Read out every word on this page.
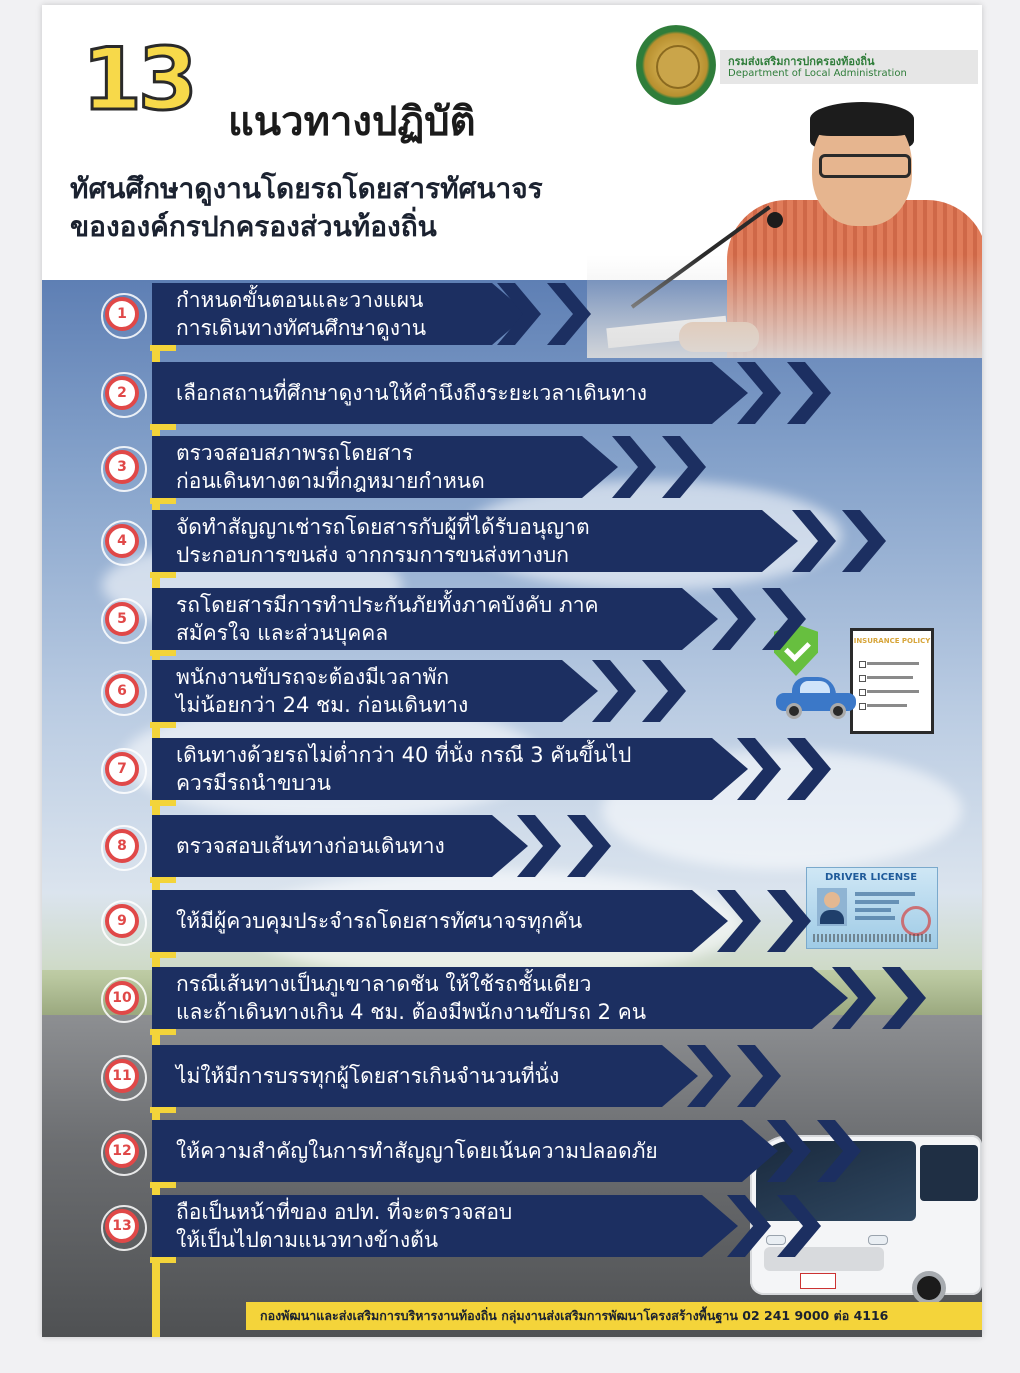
13 แนวทางปฏิบัติ
ทัศนศึกษาดูงานโดยรถโดยสารทัศนาจร
ขององค์กรปกครองส่วนท้องถิ่น
กรมส่งเสริมการปกครองท้องถิ่น
Department of Local Administration
INSURANCE POLICY
DRIVER LICENSE
กองพัฒนาและส่งเสริมการบริหารงานท้องถิ่น กลุ่มงานส่งเสริมการพัฒนาโครงสร้างพื้นฐาน 02 241 9000 ต่อ 4116
กำหนดขั้นตอนและวางแผน
การเดินทางทัศนศึกษาดูงาน
1
เลือกสถานที่ศึกษาดูงานให้คำนึงถึงระยะเวลาเดินทาง
2
ตรวจสอบสภาพรถโดยสาร
ก่อนเดินทางตามที่กฎหมายกำหนด
3
จัดทำสัญญาเช่ารถโดยสารกับผู้ที่ได้รับอนุญาต
ประกอบการขนส่ง จากกรมการขนส่งทางบก
4
รถโดยสารมีการทำประกันภัยทั้งภาคบังคับ ภาค
สมัครใจ และส่วนบุคคล
5
พนักงานขับรถจะต้องมีเวลาพัก
ไม่น้อยกว่า 24 ชม. ก่อนเดินทาง
6
เดินทางด้วยรถไม่ต่ำกว่า 40 ที่นั่ง กรณี 3 คันขึ้นไป
ควรมีรถนำขบวน
7
ตรวจสอบเส้นทางก่อนเดินทาง
8
ให้มีผู้ควบคุมประจำรถโดยสารทัศนาจรทุกคัน
9
กรณีเส้นทางเป็นภูเขาลาดชัน ให้ใช้รถชั้นเดียว
และถ้าเดินทางเกิน 4 ชม. ต้องมีพนักงานขับรถ 2 คน
10
ไม่ให้มีการบรรทุกผู้โดยสารเกินจำนวนที่นั่ง
11
ให้ความสำคัญในการทำสัญญาโดยเน้นความปลอดภัย
12
ถือเป็นหน้าที่ของ อปท. ที่จะตรวจสอบ
ให้เป็นไปตามแนวทางข้างต้น
13
